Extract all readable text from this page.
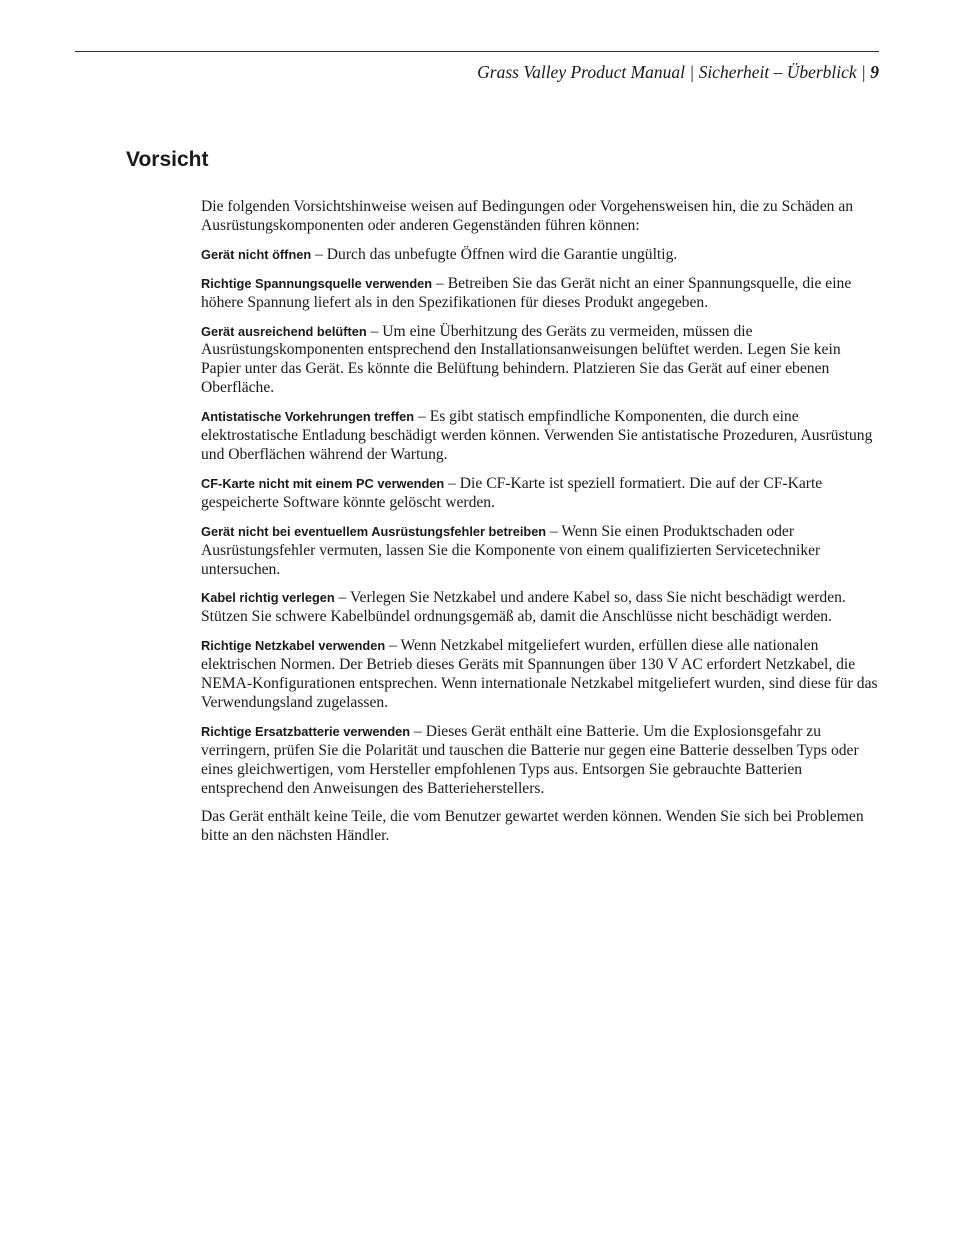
Grass Valley Product Manual | Sicherheit – Überblick | 9
Vorsicht

Die folgenden Vorsichtshinweise weisen auf Bedingungen oder Vorgehensweisen hin, die zu Schäden an Ausrüstungskomponenten oder anderen Gegenständen führen können:

Gerät nicht öffnen – Durch das unbefugte Öffnen wird die Garantie ungültig.

Richtige Spannungsquelle verwenden – Betreiben Sie das Gerät nicht an einer Spannungsquelle, die eine höhere Spannung liefert als in den Spezifikationen für dieses Produkt angegeben.

Gerät ausreichend belüften – Um eine Überhitzung des Geräts zu vermeiden, müssen die Ausrüstungskomponenten entsprechend den Installationsanweisungen belüftet werden. Legen Sie kein Papier unter das Gerät. Es könnte die Belüftung behindern. Platzieren Sie das Gerät auf einer ebenen Oberfläche.

Antistatische Vorkehrungen treffen – Es gibt statisch empfindliche Komponenten, die durch eine elektrostatische Entladung beschädigt werden können. Verwenden Sie antistatische Prozeduren, Ausrüstung und Oberflächen während der Wartung.

CF-Karte nicht mit einem PC verwenden – Die CF-Karte ist speziell formatiert. Die auf der CF-Karte gespeicherte Software könnte gelöscht werden.

Gerät nicht bei eventuellem Ausrüstungsfehler betreiben – Wenn Sie einen Produktschaden oder Ausrüstungsfehler vermuten, lassen Sie die Komponente von einem qualifizierten Servicetechniker untersuchen.

Kabel richtig verlegen – Verlegen Sie Netzkabel und andere Kabel so, dass Sie nicht beschädigt werden. Stützen Sie schwere Kabelbündel ordnungsgemäß ab, damit die Anschlüsse nicht beschädigt werden.

Richtige Netzkabel verwenden – Wenn Netzkabel mitgeliefert wurden, erfüllen diese alle nationalen elektrischen Normen. Der Betrieb dieses Geräts mit Spannungen über 130 V AC erfordert Netzkabel, die NEMA-Konfigurationen entsprechen. Wenn internationale Netzkabel mitgeliefert wurden, sind diese für das Verwendungsland zugelassen.

Richtige Ersatzbatterie verwenden – Dieses Gerät enthält eine Batterie. Um die Explosionsgefahr zu verringern, prüfen Sie die Polarität und tauschen die Batterie nur gegen eine Batterie desselben Typs oder eines gleichwertigen, vom Hersteller empfohlenen Typs aus. Entsorgen Sie gebrauchte Batterien entsprechend den Anweisungen des Batterieherstellers.

Das Gerät enthält keine Teile, die vom Benutzer gewartet werden können. Wenden Sie sich bei Problemen bitte an den nächsten Händler.
